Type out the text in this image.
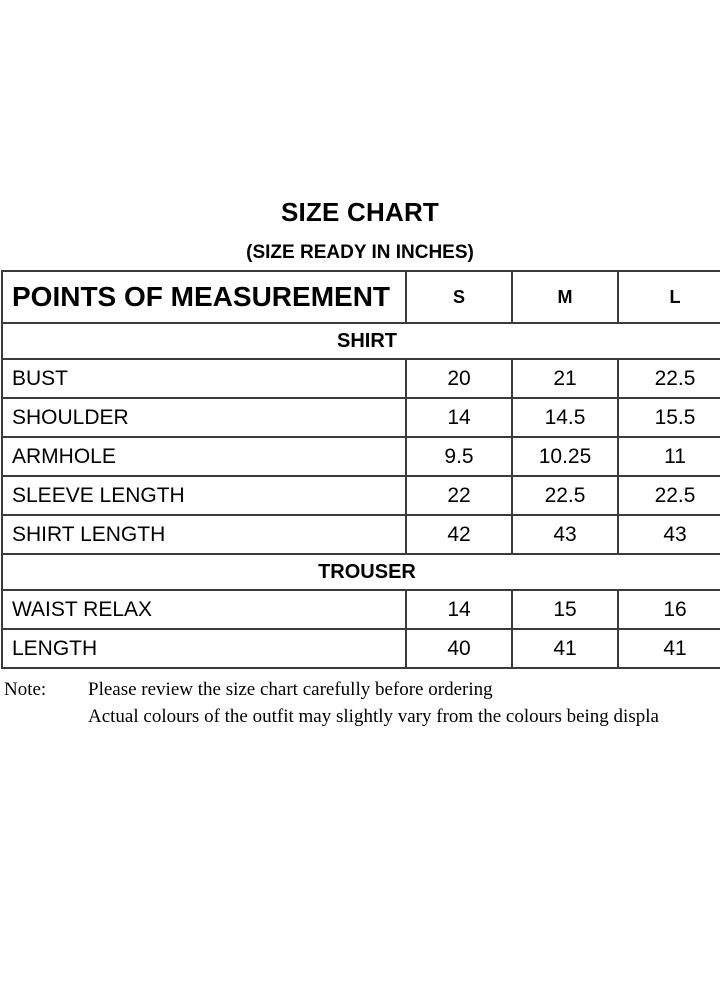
SIZE CHART
(SIZE READY IN INCHES)
POINTS OF MEASUREMENT	S	M	L
SHIRT			
BUST	20	21	22.5
SHOULDER	14	14.5	15.5
ARMHOLE	9.5	10.25	11
SLEEVE LENGTH	22	22.5	22.5
SHIRT LENGTH	42	43	43
TROUSER			
WAIST RELAX	14	15	16
LENGTH	40	41	41
Note: Please review the size chart carefully before ordering
Actual colours of the outfit may slightly vary from the colours being displa
